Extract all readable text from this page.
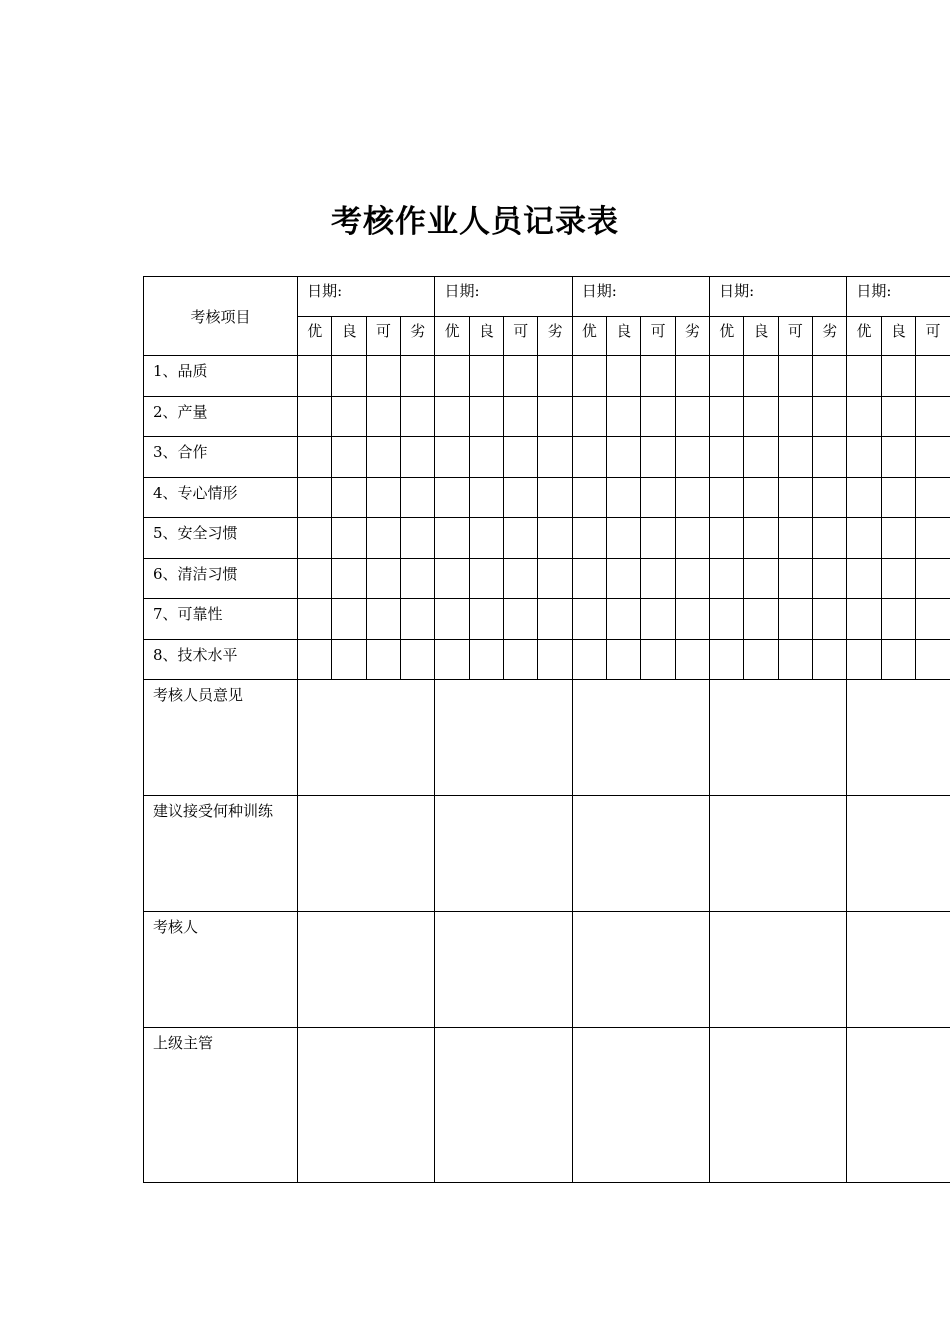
考核作业人员记录表
考核项目	日期:				日期:				日期:				日期:				日期:		
	优	良	可	劣	优	良	可	劣	优	良	可	劣	优	良	可	劣	优	良	可
1、品质																			
2、产量																			
3、合作																			
4、专心情形																			
5、安全习惯																			
6、清洁习惯																			
7、可靠性																			
8、技术水平																			
考核人员意见																			
建议接受何种训练																			
考核人																			
上级主管																			
